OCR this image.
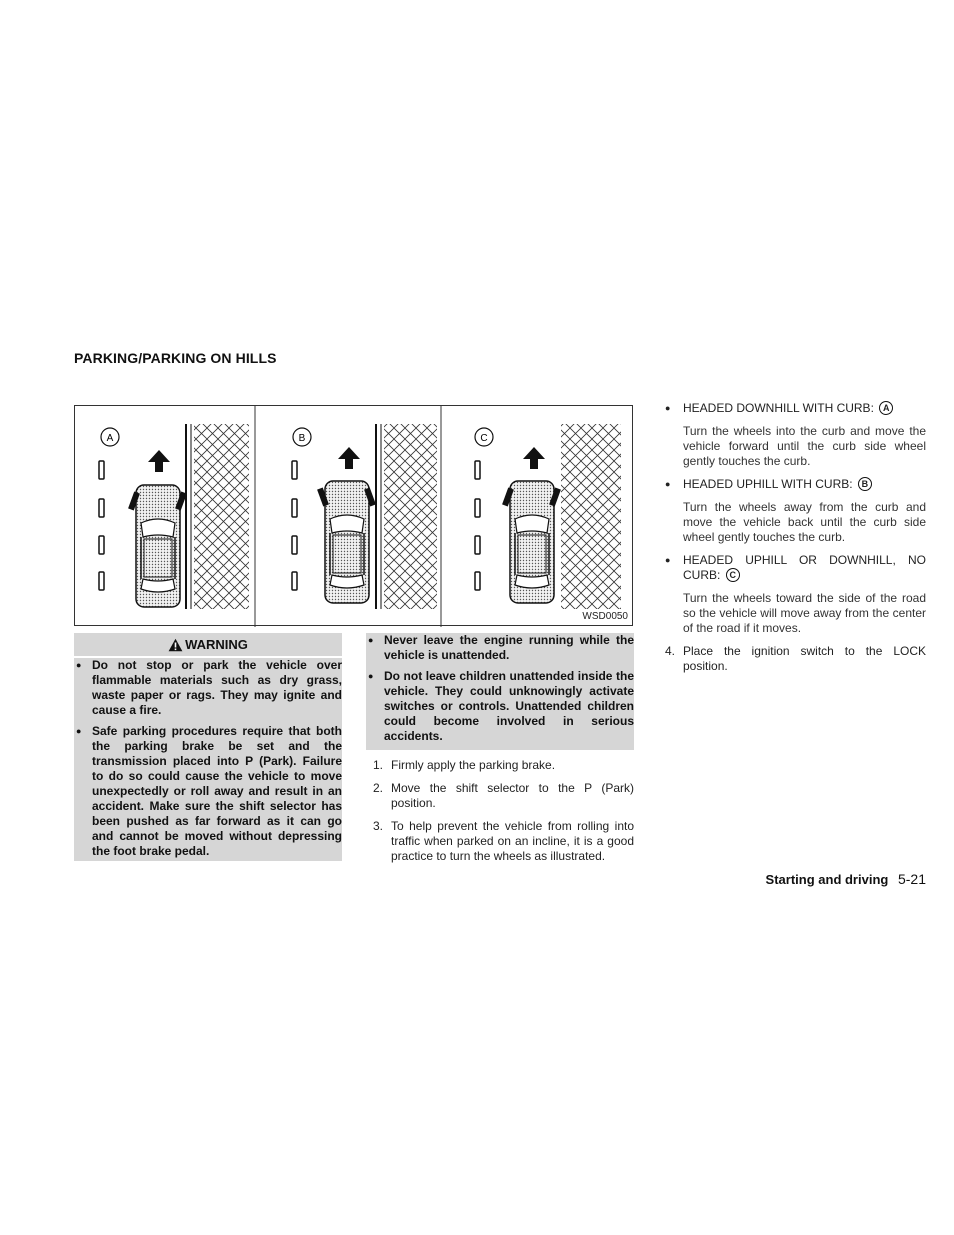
PARKING/PARKING ON HILLS
A	B	C
WSD0050
WARNING
● Do not stop or park the vehicle over flammable materials such as dry grass, waste paper or rags. They may ignite and cause a fire.
● Safe parking procedures require that both the parking brake be set and the transmission placed into P (Park). Failure to do so could cause the vehicle to move unexpectedly or roll away and result in an accident. Make sure the shift selector has been pushed as far forward as it can go and cannot be moved without depressing the foot brake pedal.
● Never leave the engine running while the vehicle is unattended.
● Do not leave children unattended inside the vehicle. They could unknowingly activate switches or controls. Unattended children could become involved in serious accidents.
1. Firmly apply the parking brake.
2. Move the shift selector to the P (Park) position.
3. To help prevent the vehicle from rolling into traffic when parked on an incline, it is a good practice to turn the wheels as illustrated.
● HEADED DOWNHILL WITH CURB: A
Turn the wheels into the curb and move the vehicle forward until the curb side wheel gently touches the curb.
● HEADED UPHILL WITH CURB: B
Turn the wheels away from the curb and move the vehicle back until the curb side wheel gently touches the curb.
● HEADED UPHILL OR DOWNHILL, NO CURB: C
Turn the wheels toward the side of the road so the vehicle will move away from the center of the road if it moves.
4. Place the ignition switch to the LOCK position.
Starting and driving 5-21
